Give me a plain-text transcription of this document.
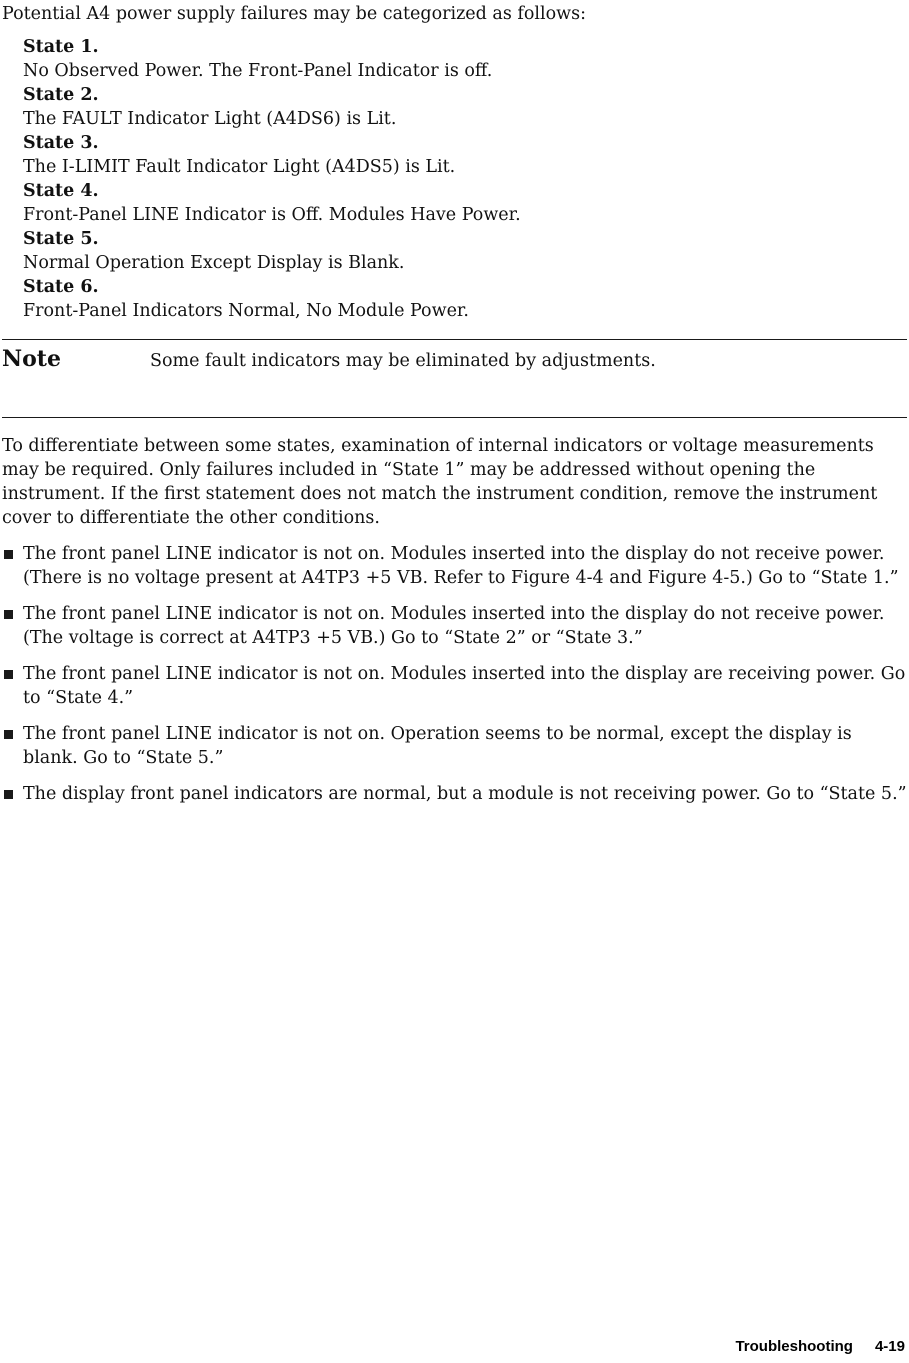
Potential A4 power supply failures may be categorized as follows:

State 1.
No Observed Power. The Front-Panel Indicator is off.
State 2.
The FAULT Indicator Light (A4DS6) is Lit.
State 3.
The I-LIMIT Fault Indicator Light (A4DS5) is Lit.
State 4.
Front-Panel LINE Indicator is Off. Modules Have Power.
State 5.
Normal Operation Except Display is Blank.
State 6.
Front-Panel Indicators Normal, No Module Power.
Note	Some fault indicators may be eliminated by adjustments.

To differentiate between some states, examination of internal indicators or voltage measurements may be required. Only failures included in “State 1” may be addressed without opening the instrument. If the first statement does not match the instrument condition, remove the instrument cover to differentiate the other conditions.

The front panel LINE indicator is not on. Modules inserted into the display do not receive power. (There is no voltage present at A4TP3 +5 VB. Refer to Figure 4-4 and Figure 4-5.) Go to “State 1.”
The front panel LINE indicator is not on. Modules inserted into the display do not receive power. (The voltage is correct at A4TP3 +5 VB.) Go to “State 2” or “State 3.”
The front panel LINE indicator is not on. Modules inserted into the display are receiving power. Go to “State 4.”
The front panel LINE indicator is not on. Operation seems to be normal, except the display is blank. Go to “State 5.”
The display front panel indicators are normal, but a module is not receiving power. Go to “State 5.”
Troubleshooting 4-19
